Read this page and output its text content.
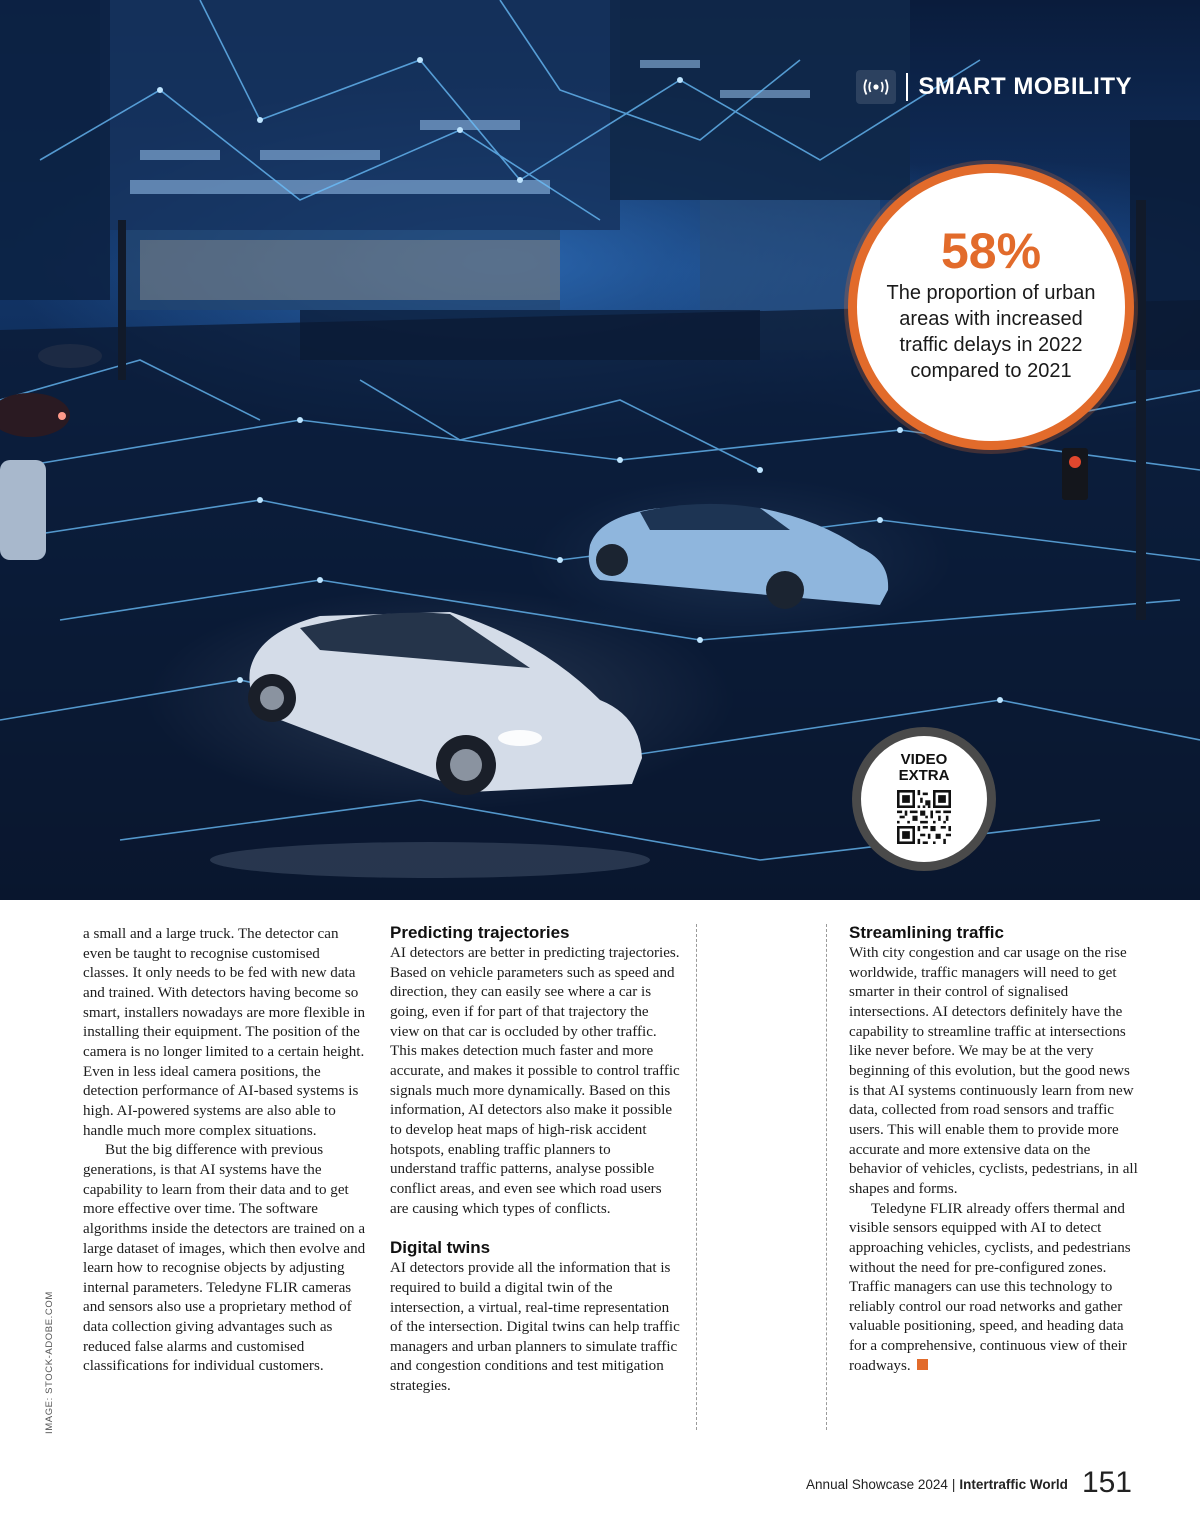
SMART MOBILITY
58%
The proportion of urban areas with increased traffic delays in 2022 compared to 2021
VIDEO
EXTRA
IMAGE: STOCK-ADOBE.COM

a small and a large truck. The detector can even be taught to recognise customised classes. It only needs to be fed with new data and trained. With detectors having become so smart, installers nowadays are more flexible in installing their equipment. The position of the camera is no longer limited to a certain height. Even in less ideal camera positions, the detection performance of AI-based systems is high. AI-powered systems are also able to handle much more complex situations.

But the big difference with previous generations, is that AI systems have the capability to learn from their data and to get more effective over time. The software algorithms inside the detectors are trained on a large dataset of images, which then evolve and learn how to recognise objects by adjusting internal parameters. Teledyne FLIR cameras and sensors also use a proprietary method of data collection giving advantages such as reduced false alarms and customised classifications for individual customers.

Predicting trajectories

AI detectors are better in predicting trajectories. Based on vehicle parameters such as speed and direction, they can easily see where a car is going, even if for part of that trajectory the view on that car is occluded by other traffic. This makes detection much faster and more accurate, and makes it possible to control traffic signals much more dynamically. Based on this information, AI detectors also make it possible to develop heat maps of high-risk accident hotspots, enabling traffic planners to understand traffic patterns, analyse possible conflict areas, and even see which road users are causing which types of conflicts.

Digital twins

AI detectors provide all the information that is required to build a digital twin of the intersection, a virtual, real-time representation of the intersection. Digital twins can help traffic managers and urban planners to simulate traffic and congestion conditions and test mitigation strategies.

Streamlining traffic

With city congestion and car usage on the rise worldwide, traffic managers will need to get smarter in their control of signalised intersections. AI detectors definitely have the capability to streamline traffic at intersections like never before. We may be at the very beginning of this evolution, but the good news is that AI systems continuously learn from new data, collected from road sensors and traffic users. This will enable them to provide more accurate and more extensive data on the behavior of vehicles, cyclists, pedestrians, in all shapes and forms.

Teledyne FLIR already offers thermal and visible sensors equipped with AI to detect approaching vehicles, cyclists, and pedestrians without the need for pre-configured zones. Traffic managers can use this technology to reliably control our road networks and gather valuable positioning, speed, and heading data for a comprehensive, continuous view of their roadways.

Annual Showcase 2024 | Intertraffic World 151
